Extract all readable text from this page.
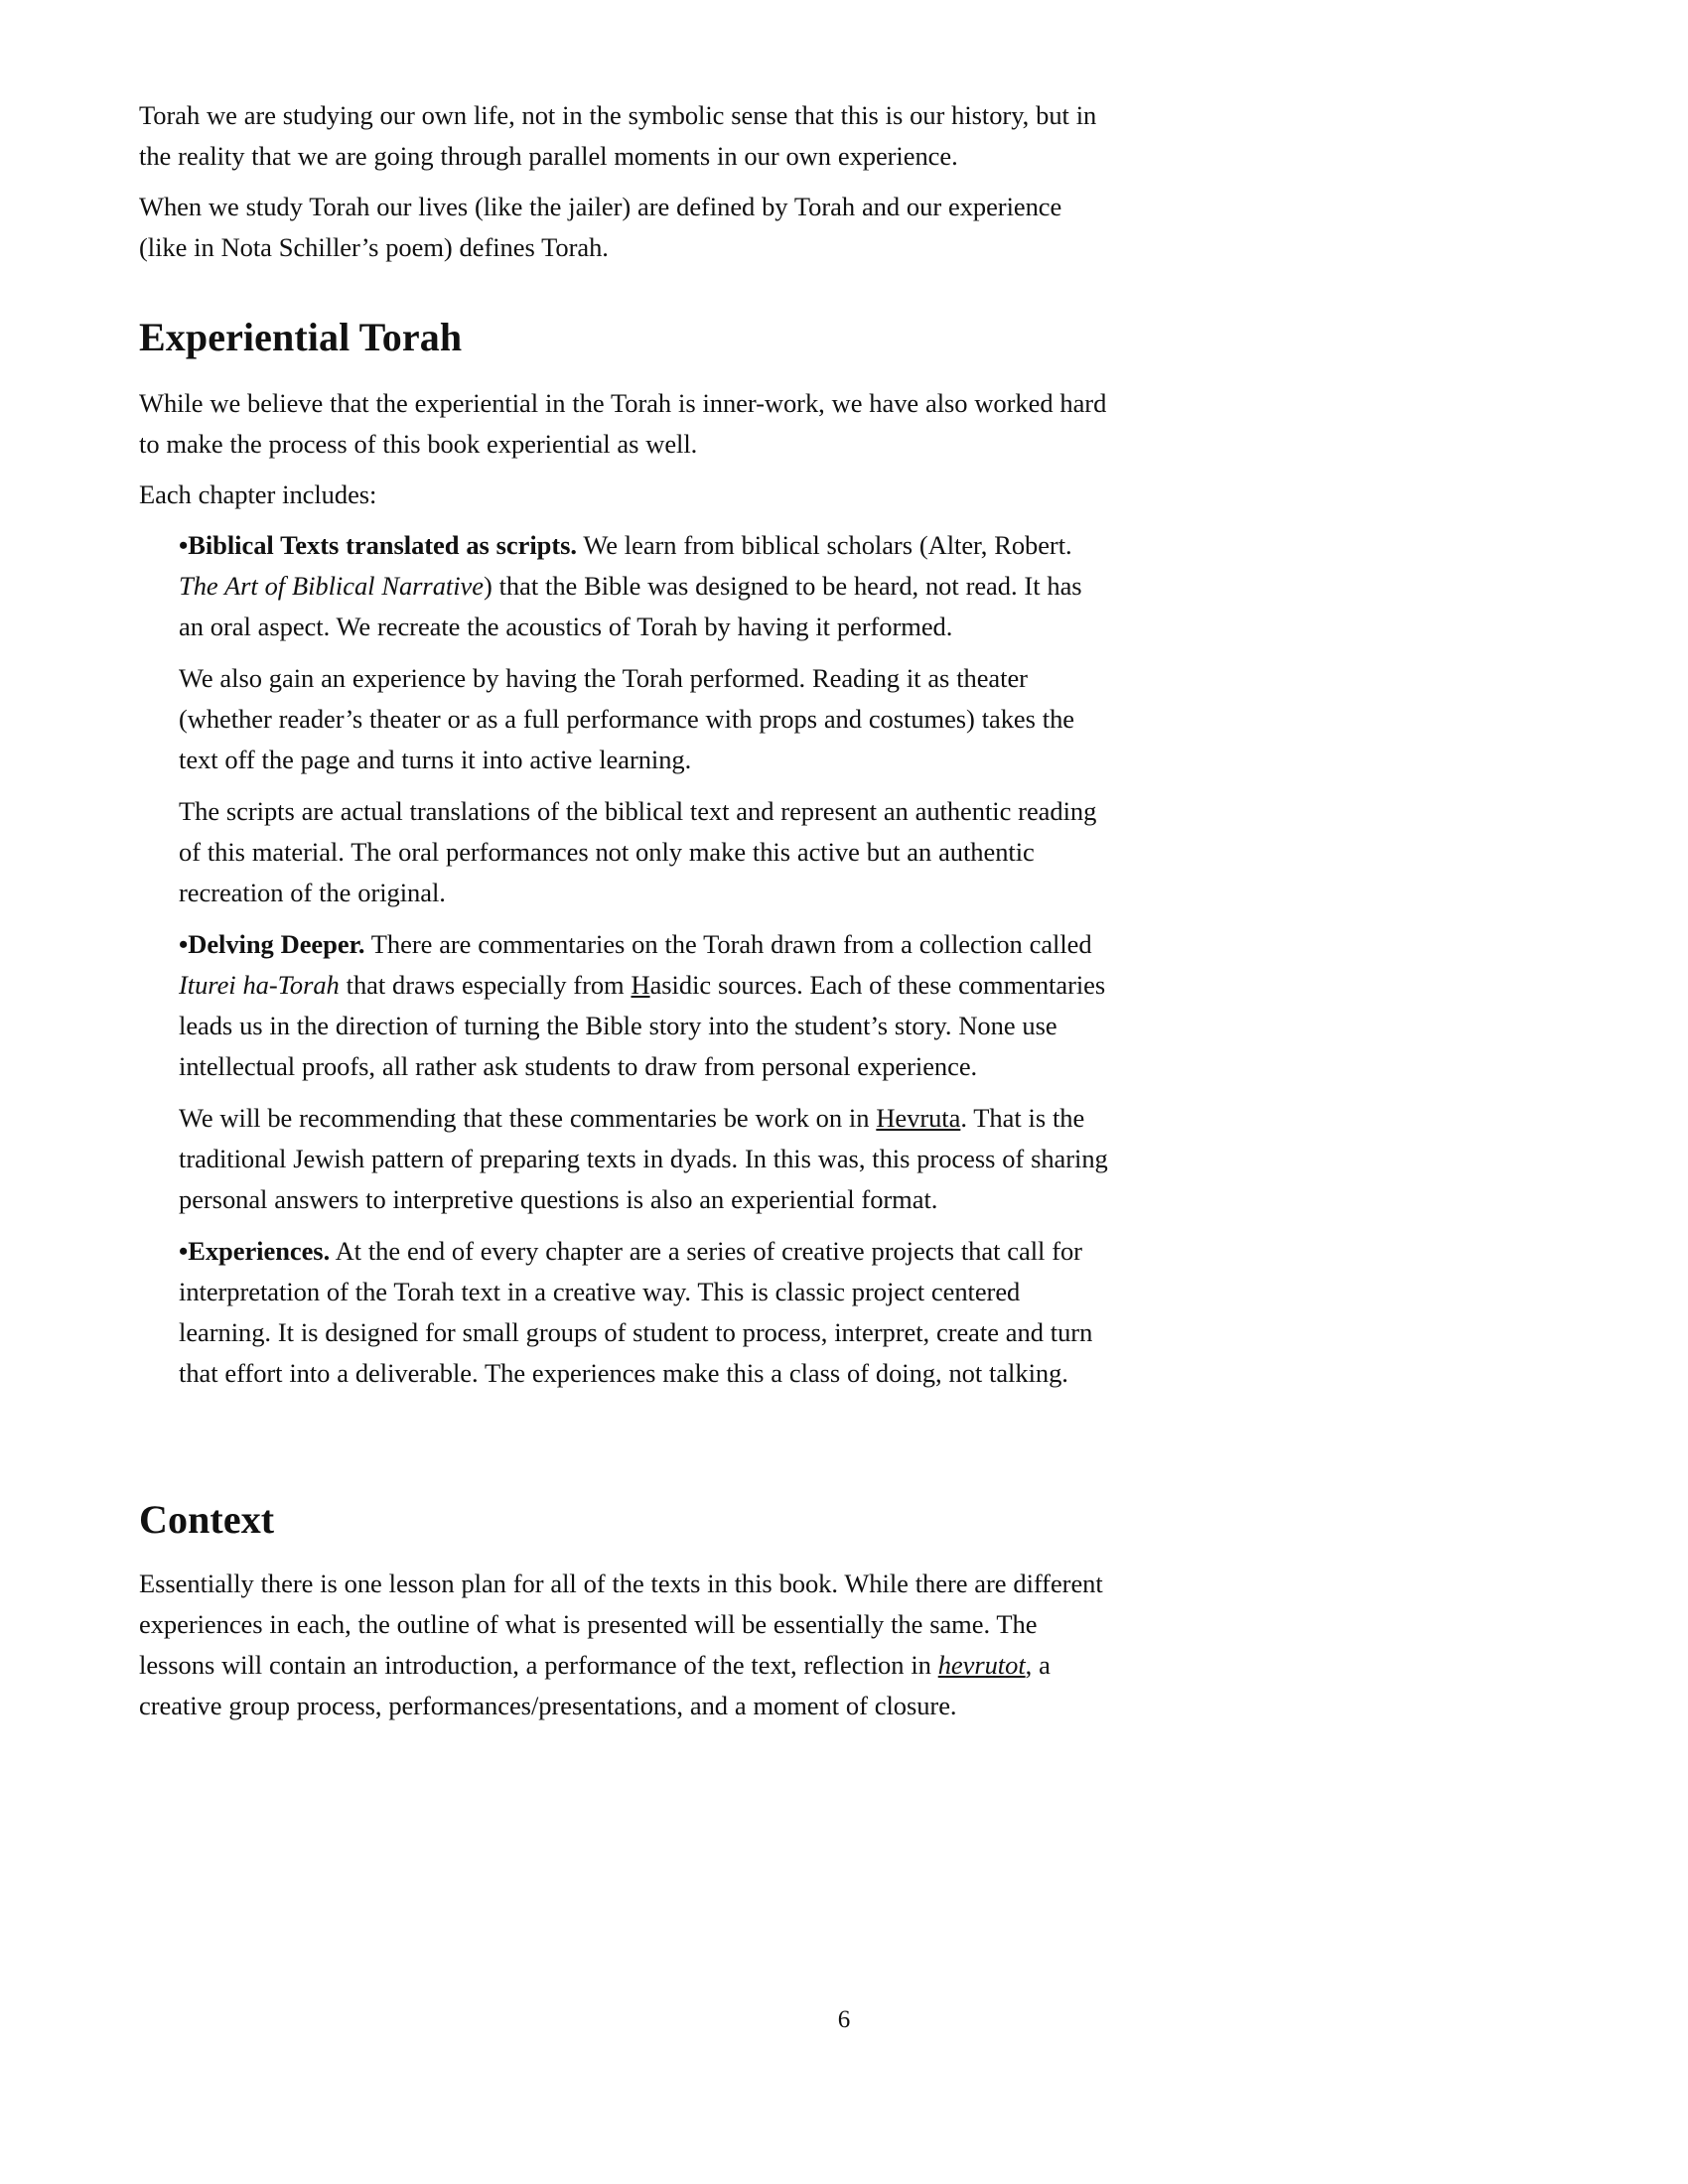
Torah we are studying our own life, not in the symbolic sense that this is our history, but in the reality that we are going through parallel moments in our own experience.

When we study Torah our lives (like the jailer) are defined by Torah and our experience (like in Nota Schiller’s poem) defines Torah.

Experiential Torah

While we believe that the experiential in the Torah is inner-work, we have also worked hard to make the process of this book experiential as well.

Each chapter includes:

•Biblical Texts translated as scripts. We learn from biblical scholars (Alter, Robert. The Art of Biblical Narrative) that the Bible was designed to be heard, not read. It has an oral aspect. We recreate the acoustics of Torah by having it performed.

We also gain an experience by having the Torah performed. Reading it as theater (whether reader’s theater or as a full performance with props and costumes) takes the text off the page and turns it into active learning.

The scripts are actual translations of the biblical text and represent an authentic reading of this material. The oral performances not only make this active but an authentic recreation of the original.

•Delving Deeper. There are commentaries on the Torah drawn from a collection called Iturei ha-Torah that draws especially from Hasidic sources. Each of these commentaries leads us in the direction of turning the Bible story into the student’s story. None use intellectual proofs, all rather ask students to draw from personal experience.

We will be recommending that these commentaries be work on in Hevruta. That is the traditional Jewish pattern of preparing texts in dyads. In this was, this process of sharing personal answers to interpretive questions is also an experiential format.

•Experiences. At the end of every chapter are a series of creative projects that call for interpretation of the Torah text in a creative way. This is classic project centered learning. It is designed for small groups of student to process, interpret, create and turn that effort into a deliverable. The experiences make this a class of doing, not talking.

Context

Essentially there is one lesson plan for all of the texts in this book. While there are different experiences in each, the outline of what is presented will be essentially the same. The lessons will contain an introduction, a performance of the text, reflection in hevrutot, a creative group process, performances/presentations, and a moment of closure.

6
